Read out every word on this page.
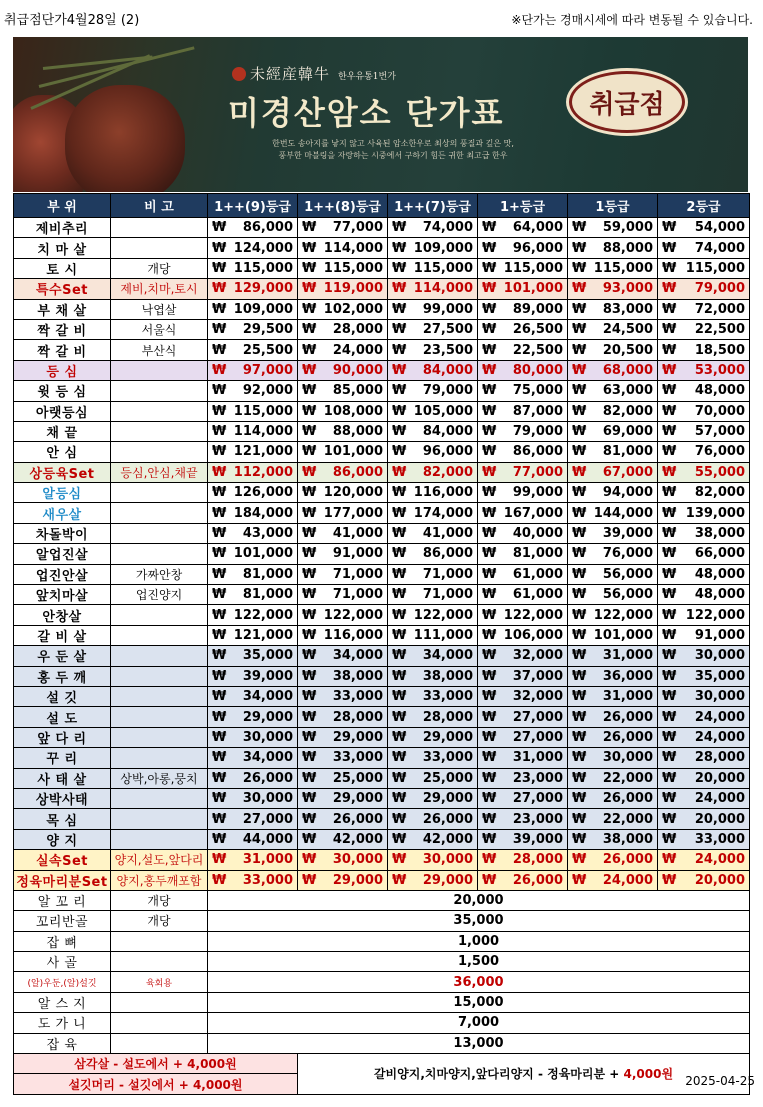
취급점단가4월28일 (2)	※단가는 경매시세에 따라 변동될 수 있습니다.
未經産韓牛 한우유통1번가
미경산암소 단가표
한번도 송아지를 낳지 않고 사육된 암소한우로 최상의 풍질과 깊은 맛,
풍부한 마블링을 자랑하는 시중에서 구하기 힘든 귀한 최고급 한우
취급점
부 위	비 고	1++(9)등급	1++(8)등급	1++(7)등급	1+등급	1등급	2등급
제비추리		₩ 86,000	₩ 77,000	₩ 74,000	₩ 64,000	₩ 59,000	₩ 54,000

치 마 살		₩ 124,000	₩ 114,000	₩ 109,000	₩ 96,000	₩ 88,000	₩ 74,000

토 시	개당	₩ 115,000	₩ 115,000	₩ 115,000	₩ 115,000	₩ 115,000	₩ 115,000

특수Set	제비,치마,토시	₩ 129,000	₩ 119,000	₩ 114,000	₩ 101,000	₩ 93,000	₩ 79,000

부 채 살	낙엽살	₩ 109,000	₩ 102,000	₩ 99,000	₩ 89,000	₩ 83,000	₩ 72,000

짝 갈 비	서울식	₩ 29,500	₩ 28,000	₩ 27,500	₩ 26,500	₩ 24,500	₩ 22,500

짝 갈 비	부산식	₩ 25,500	₩ 24,000	₩ 23,500	₩ 22,500	₩ 20,500	₩ 18,500

등 심		₩ 97,000	₩ 90,000	₩ 84,000	₩ 80,000	₩ 68,000	₩ 53,000

윗 등 심		₩ 92,000	₩ 85,000	₩ 79,000	₩ 75,000	₩ 63,000	₩ 48,000

아랫등심		₩ 115,000	₩ 108,000	₩ 105,000	₩ 87,000	₩ 82,000	₩ 70,000

채 끝		₩ 114,000	₩ 88,000	₩ 84,000	₩ 79,000	₩ 69,000	₩ 57,000

안 심		₩ 121,000	₩ 101,000	₩ 96,000	₩ 86,000	₩ 81,000	₩ 76,000

상등육Set	등심,안심,채끝	₩ 112,000	₩ 86,000	₩ 82,000	₩ 77,000	₩ 67,000	₩ 55,000

알등심		₩ 126,000	₩ 120,000	₩ 116,000	₩ 99,000	₩ 94,000	₩ 82,000

새우살		₩ 184,000	₩ 177,000	₩ 174,000	₩ 167,000	₩ 144,000	₩ 139,000

차돌박이		₩ 43,000	₩ 41,000	₩ 41,000	₩ 40,000	₩ 39,000	₩ 38,000

알업진살		₩ 101,000	₩ 91,000	₩ 86,000	₩ 81,000	₩ 76,000	₩ 66,000

업진안살	가짜안창	₩ 81,000	₩ 71,000	₩ 71,000	₩ 61,000	₩ 56,000	₩ 48,000

앞치마살	업진양지	₩ 81,000	₩ 71,000	₩ 71,000	₩ 61,000	₩ 56,000	₩ 48,000

안창살		₩ 122,000	₩ 122,000	₩ 122,000	₩ 122,000	₩ 122,000	₩ 122,000

갈 비 살		₩ 121,000	₩ 116,000	₩ 111,000	₩ 106,000	₩ 101,000	₩ 91,000

우 둔 살		₩ 35,000	₩ 34,000	₩ 34,000	₩ 32,000	₩ 31,000	₩ 30,000

홍 두 깨		₩ 39,000	₩ 38,000	₩ 38,000	₩ 37,000	₩ 36,000	₩ 35,000

설 깃		₩ 34,000	₩ 33,000	₩ 33,000	₩ 32,000	₩ 31,000	₩ 30,000

설 도		₩ 29,000	₩ 28,000	₩ 28,000	₩ 27,000	₩ 26,000	₩ 24,000

앞 다 리		₩ 30,000	₩ 29,000	₩ 29,000	₩ 27,000	₩ 26,000	₩ 24,000

꾸 리		₩ 34,000	₩ 33,000	₩ 33,000	₩ 31,000	₩ 30,000	₩ 28,000

사 태 살	상박,아롱,뭉치	₩ 26,000	₩ 25,000	₩ 25,000	₩ 23,000	₩ 22,000	₩ 20,000

상박사태		₩ 30,000	₩ 29,000	₩ 29,000	₩ 27,000	₩ 26,000	₩ 24,000

목 심		₩ 27,000	₩ 26,000	₩ 26,000	₩ 23,000	₩ 22,000	₩ 20,000

양 지		₩ 44,000	₩ 42,000	₩ 42,000	₩ 39,000	₩ 38,000	₩ 33,000

실속Set	양지,설도,앞다리	₩ 31,000	₩ 30,000	₩ 30,000	₩ 28,000	₩ 26,000	₩ 24,000

정육마리분Set	양지,홍두깨포함	₩ 33,000	₩ 29,000	₩ 29,000	₩ 26,000	₩ 24,000	₩ 20,000

알 꼬 리	개당	20,000					
꼬리반골	개당	35,000					
잡 뼈		1,000					
사 골		1,500					
(알)우둔,(알)설깃	육회용	36,000					
알 스 지		15,000					
도 가 니		7,000					
잡 육		13,000					
삼각살 - 설도에서 + 4,000원			갈비양지,치마양지,앞다리양지 - 정육마리분 + 4,000원				
설깃머리 - 설깃에서 + 4,000원								2025-04-25
